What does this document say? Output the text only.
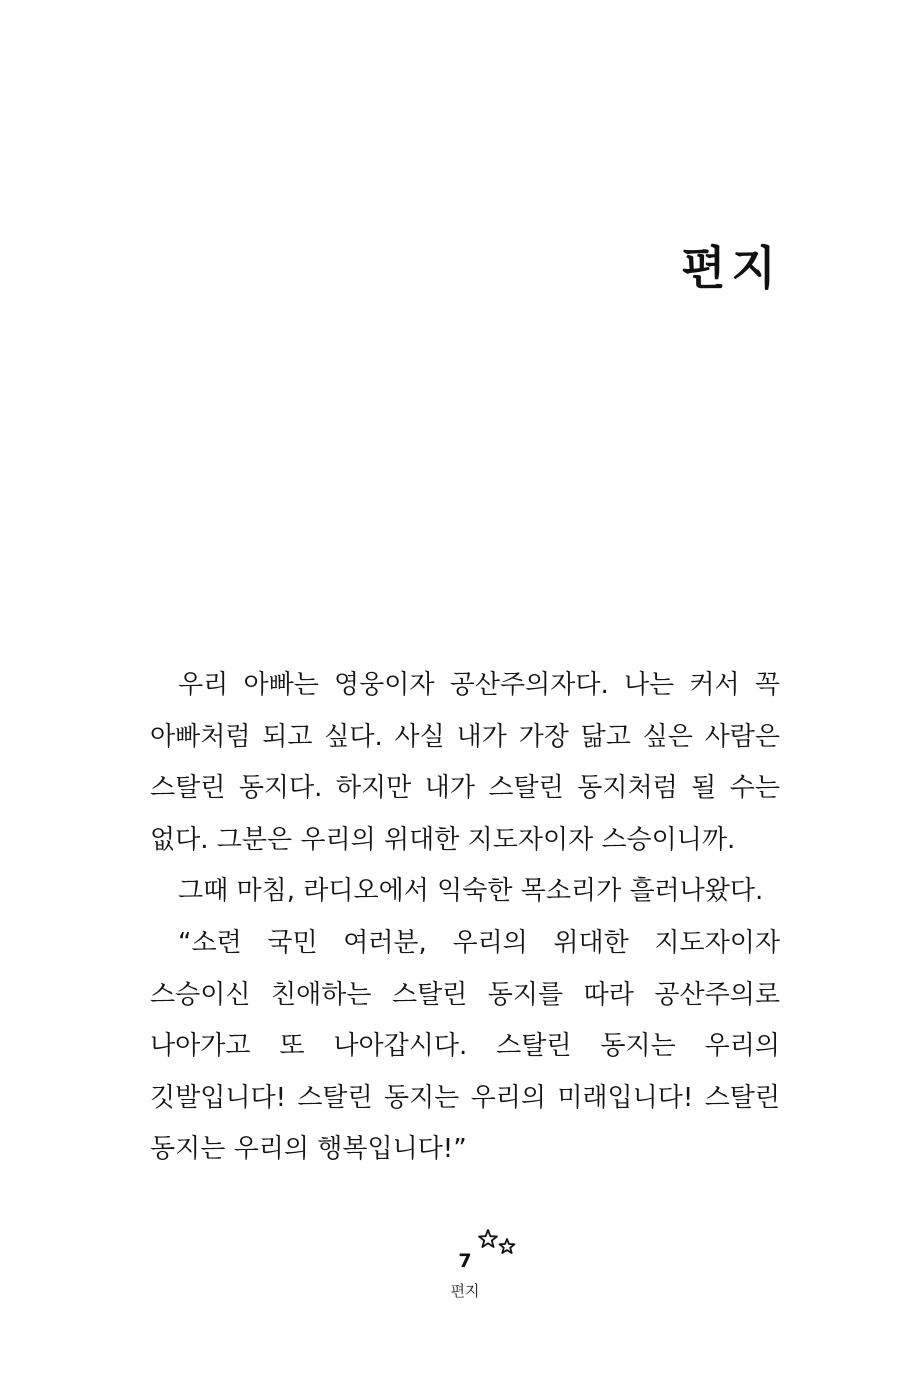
편지

우리 아빠는 영웅이자 공산주의자다. 나는 커서 꼭 아빠처럼 되고 싶다. 사실 내가 가장 닮고 싶은 사람은 스탈린 동지다. 하지만 내가 스탈린 동지처럼 될 수는 없다. 그분은 우리의 위대한 지도자이자 스승이니까.

그때 마침, 라디오에서 익숙한 목소리가 흘러나왔다.

“소련 국민 여러분, 우리의 위대한 지도자이자 스승이신 친애하는 스탈린 동지를 따라 공산주의로 나아가고 또 나아갑시다. 스탈린 동지는 우리의 깃발입니다! 스탈린 동지는 우리의 미래입니다! 스탈린 동지는 우리의 행복입니다!”

7
편지
